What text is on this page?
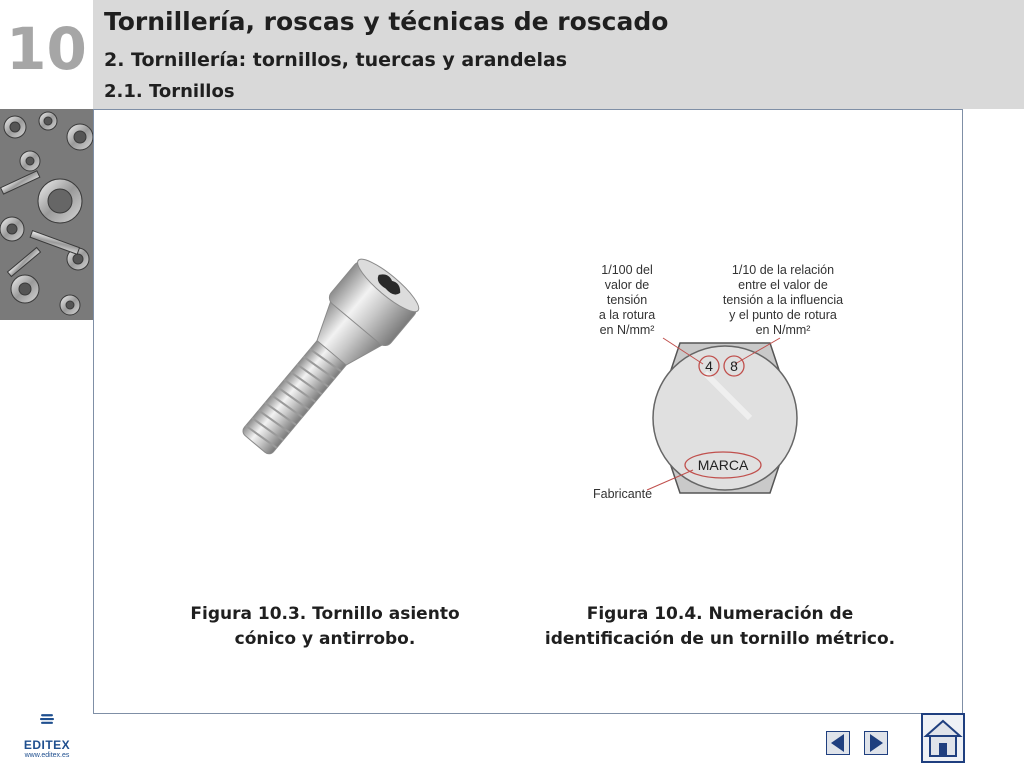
10 Tornillería, roscas y técnicas de roscado
2. Tornillería: tornillos, tuercas y arandelas
2.1. Tornillos
1/100 del
valor de
tensión
a la rotura
en N/mm²
1/10 de la relación
entre el valor de
tensión a la influencia
y el punto de rotura
en N/mm²
4 8
MARCA
Fabricante
Figura 10.3. Tornillo asiento
cónico y antirrobo.
Figura 10.4. Numeración de
identificación de un tornillo métrico.
EDITEX
www.editex.es
